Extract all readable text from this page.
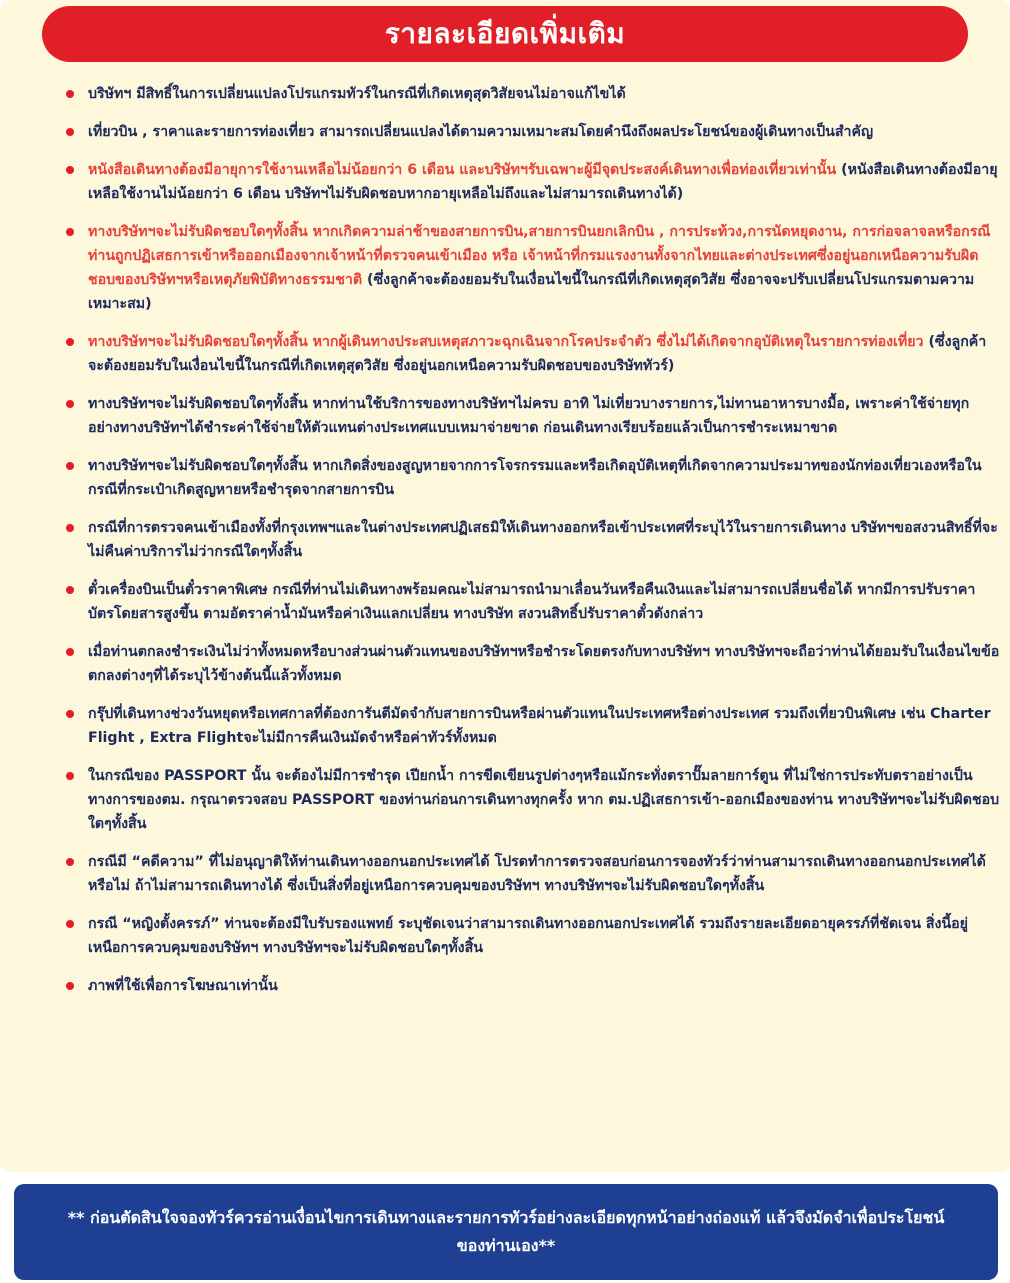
รายละเอียดเพิ่มเติม
บริษัทฯ มีสิทธิ์ในการเปลี่ยนแปลงโปรแกรมทัวร์ในกรณีที่เกิดเหตุสุดวิสัยจนไม่อาจแก้ไขได้
เที่ยวบิน , ราคาและรายการท่องเที่ยว สามารถเปลี่ยนแปลงได้ตามความเหมาะสมโดยคำนึงถึงผลประโยชน์ของผู้เดินทางเป็นสำคัญ
หนังสือเดินทางต้องมีอายุการใช้งานเหลือไม่น้อยกว่า 6 เดือน และบริษัทฯรับเฉพาะผู้มีจุดประสงค์เดินทางเพื่อท่องเที่ยวเท่านั้น (หนังสือเดินทางต้องมีอายุเหลือใช้งานไม่น้อยกว่า 6 เดือน บริษัทฯไม่รับผิดชอบหากอายุเหลือไม่ถึงและไม่สามารถเดินทางได้)
ทางบริษัทฯจะไม่รับผิดชอบใดๆทั้งสิ้น หากเกิดความล่าช้าของสายการบิน,สายการบินยกเลิกบิน , การประท้วง,การนัดหยุดงาน, การก่อจลาจลหรือกรณีท่านถูกปฏิเสธการเข้าหรือออกเมืองจากเจ้าหน้าที่ตรวจคนเข้าเมือง หรือ เจ้าหน้าที่กรมแรงงานทั้งจากไทยและต่างประเทศซึ่งอยู่นอกเหนือความรับผิดชอบของบริษัทฯหรือเหตุภัยพิบัติทางธรรมชาติ (ซึ่งลูกค้าจะต้องยอมรับในเงื่อนไขนี้ในกรณีที่เกิดเหตุสุดวิสัย ซึ่งอาจจะปรับเปลี่ยนโปรแกรมตามความเหมาะสม)
ทางบริษัทฯจะไม่รับผิดชอบใดๆทั้งสิ้น หากผู้เดินทางประสบเหตุสภาวะฉุกเฉินจากโรคประจำตัว ซึ่งไม่ได้เกิดจากอุบัติเหตุในรายการท่องเที่ยว (ซึ่งลูกค้าจะต้องยอมรับในเงื่อนไขนี้ในกรณีที่เกิดเหตุสุดวิสัย ซึ่งอยู่นอกเหนือความรับผิดชอบของบริษัททัวร์)
ทางบริษัทฯจะไม่รับผิดชอบใดๆทั้งสิ้น หากท่านใช้บริการของทางบริษัทฯไม่ครบ อาทิ ไม่เที่ยวบางรายการ,ไม่ทานอาหารบางมื้อ, เพราะค่าใช้จ่ายทุกอย่างทางบริษัทฯได้ชำระค่าใช้จ่ายให้ตัวแทนต่างประเทศแบบเหมาจ่ายขาด ก่อนเดินทางเรียบร้อยแล้วเป็นการชำระเหมาขาด
ทางบริษัทฯจะไม่รับผิดชอบใดๆทั้งสิ้น หากเกิดสิ่งของสูญหายจากการโจรกรรมและหรือเกิดอุบัติเหตุที่เกิดจากความประมาทของนักท่องเที่ยวเองหรือในกรณีที่กระเป๋าเกิดสูญหายหรือชำรุดจากสายการบิน
กรณีที่การตรวจคนเข้าเมืองทั้งที่กรุงเทพฯและในต่างประเทศปฏิเสธมิให้เดินทางออกหรือเข้าประเทศที่ระบุไว้ในรายการเดินทาง บริษัทฯขอสงวนสิทธิ์ที่จะไม่คืนค่าบริการไม่ว่ากรณีใดๆทั้งสิ้น
ตั๋วเครื่องบินเป็นตั๋วราคาพิเศษ กรณีที่ท่านไม่เดินทางพร้อมคณะไม่สามารถนำมาเลื่อนวันหรือคืนเงินและไม่สามารถเปลี่ยนชื่อได้ หากมีการปรับราคาบัตรโดยสารสูงขึ้น ตามอัตราค่าน้ำมันหรือค่าเงินแลกเปลี่ยน ทางบริษัท สงวนสิทธิ์ปรับราคาตั๋วดังกล่าว
เมื่อท่านตกลงชำระเงินไม่ว่าทั้งหมดหรือบางส่วนผ่านตัวแทนของบริษัทฯหรือชำระโดยตรงกับทางบริษัทฯ ทางบริษัทฯจะถือว่าท่านได้ยอมรับในเงื่อนไขข้อตกลงต่างๆที่ได้ระบุไว้ข้างต้นนี้แล้วทั้งหมด
กรุ๊ปที่เดินทางช่วงวันหยุดหรือเทศกาลที่ต้องการันตีมัดจำกับสายการบินหรือผ่านตัวแทนในประเทศหรือต่างประเทศ รวมถึงเที่ยวบินพิเศษ เช่น Charter Flight , Extra Flightจะไม่มีการคืนเงินมัดจำหรือค่าทัวร์ทั้งหมด
ในกรณีของ PASSPORT นั้น จะต้องไม่มีการชำรุด เปียกน้ำ การขีดเขียนรูปต่างๆหรือแม้กระทั่งตราปั๊มลายการ์ตูน ที่ไม่ใช่การประทับตราอย่างเป็นทางการของตม. กรุณาตรวจสอบ PASSPORT ของท่านก่อนการเดินทางทุกครั้ง หาก ตม.ปฏิเสธการเข้า-ออกเมืองของท่าน ทางบริษัทฯจะไม่รับผิดชอบใดๆทั้งสิ้น
กรณีมี “คดีความ” ที่ไม่อนุญาติให้ท่านเดินทางออกนอกประเทศได้ โปรดทำการตรวจสอบก่อนการจองทัวร์ว่าท่านสามารถเดินทางออกนอกประเทศได้หรือไม่ ถ้าไม่สามารถเดินทางได้ ซึ่งเป็นสิ่งที่อยู่เหนือการควบคุมของบริษัทฯ ทางบริษัทฯจะไม่รับผิดชอบใดๆทั้งสิ้น
กรณี “หญิงตั้งครรภ์” ท่านจะต้องมีใบรับรองแพทย์ ระบุชัดเจนว่าสามารถเดินทางออกนอกประเทศได้ รวมถึงรายละเอียดอายุครรภ์ที่ชัดเจน สิ่งนี้อยู่เหนือการควบคุมของบริษัทฯ ทางบริษัทฯจะไม่รับผิดชอบใดๆทั้งสิ้น
ภาพที่ใช้เพื่อการโฆษณาเท่านั้น
** ก่อนตัดสินใจจองทัวร์ควรอ่านเงื่อนไขการเดินทางและรายการทัวร์อย่างละเอียดทุกหน้าอย่างถ่องแท้ แล้วจึงมัดจำเพื่อประโยชน์ของท่านเอง**
